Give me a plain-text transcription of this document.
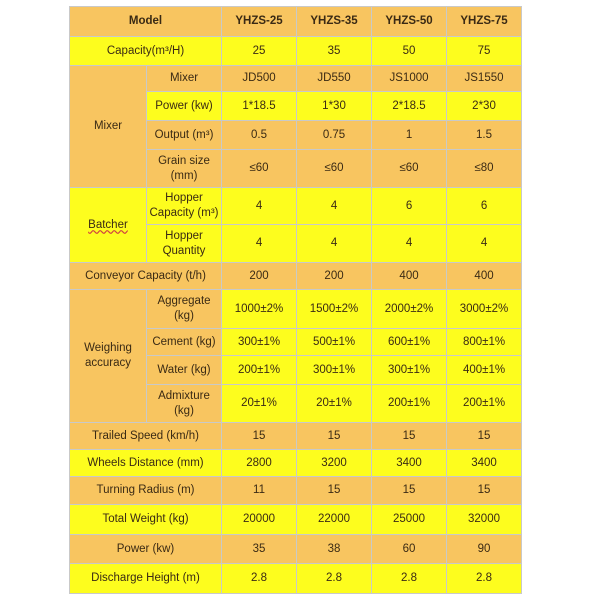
Model		YHZS-25	YHZS-35	YHZS-50	YHZS-75
Capacity(m³/H)		25	35	50	75
Mixer	Mixer	JD500	JD550	JS1000	JS1550
	Power (kw)	1*18.5	1*30	2*18.5	2*30
	Output (m³)	0.5	0.75	1	1.5
	Grain size (mm)	≤60	≤60	≤60	≤80
Batcher	Hopper Capacity (m³)	4	4	6	6
	Hopper Quantity	4	4	4	4
Conveyor Capacity (t/h)		200	200	400	400
Weighing accuracy	Aggregate (kg)	1000±2%	1500±2%	2000±2%	3000±2%
	Cement (kg)	300±1%	500±1%	600±1%	800±1%
	Water (kg)	200±1%	300±1%	300±1%	400±1%
	Admixture (kg)	20±1%	20±1%	200±1%	200±1%
Trailed Speed (km/h)		15	15	15	15
Wheels Distance (mm)		2800	3200	3400	3400
Turning Radius (m)		11	15	15	15
Total Weight (kg)		20000	22000	25000	32000
Power (kw)		35	38	60	90
Discharge Height (m)		2.8	2.8	2.8	2.8
